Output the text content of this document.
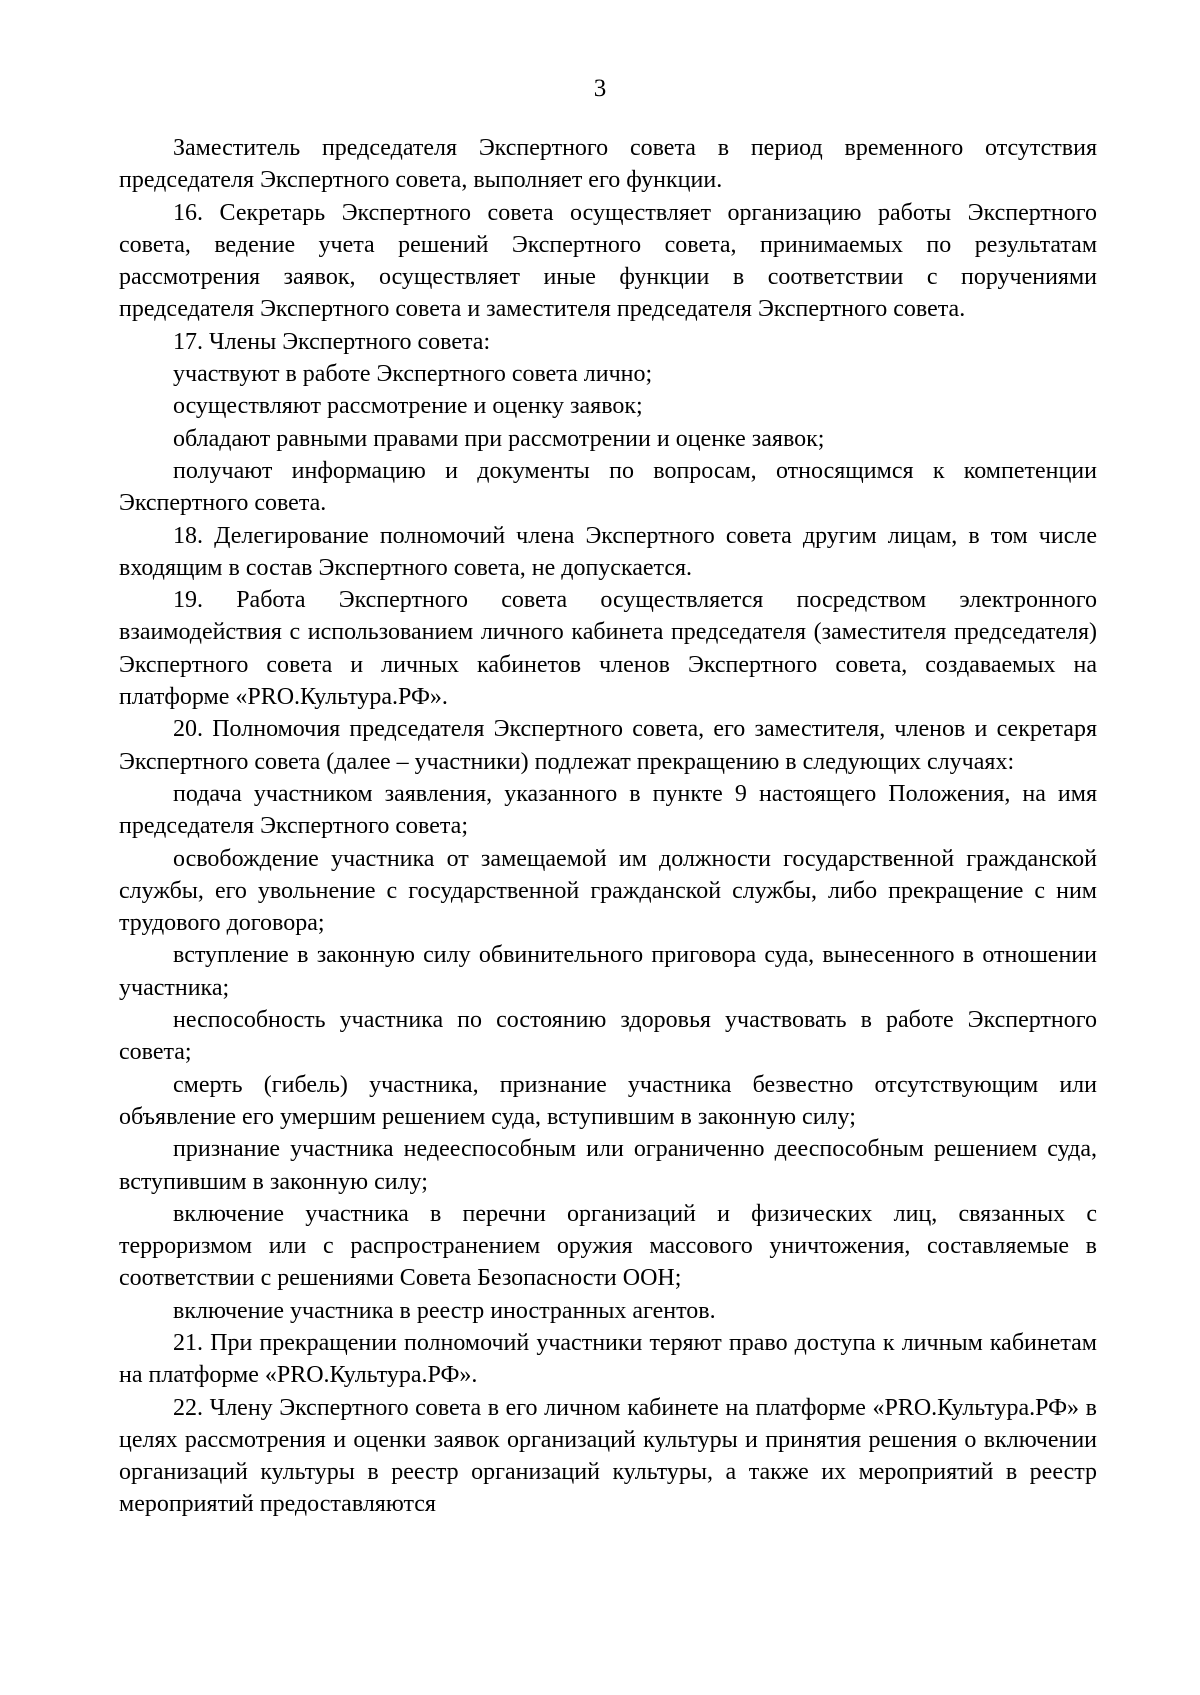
3

Заместитель председателя Экспертного совета в период временного отсутствия председателя Экспертного совета, выполняет его функции.

16. Секретарь Экспертного совета осуществляет организацию работы Экспертного совета, ведение учета решений Экспертного совета, принимаемых по результатам рассмотрения заявок, осуществляет иные функции в соответствии с поручениями председателя Экспертного совета и заместителя председателя Экспертного совета.

17. Члены Экспертного совета:

участвуют в работе Экспертного совета лично;

осуществляют рассмотрение и оценку заявок;

обладают равными правами при рассмотрении и оценке заявок;

получают информацию и документы по вопросам, относящимся к компетенции Экспертного совета.

18. Делегирование полномочий члена Экспертного совета другим лицам, в том числе входящим в состав Экспертного совета, не допускается.

19. Работа Экспертного совета осуществляется посредством электронного взаимодействия с использованием личного кабинета председателя (заместителя председателя) Экспертного совета и личных кабинетов членов Экспертного совета, создаваемых на платформе «PRO.Культура.РФ».

20. Полномочия председателя Экспертного совета, его заместителя, членов и секретаря Экспертного совета (далее – участники) подлежат прекращению в следующих случаях:

подача участником заявления, указанного в пункте 9 настоящего Положения, на имя председателя Экспертного совета;

освобождение участника от замещаемой им должности государственной гражданской службы, его увольнение с государственной гражданской службы, либо прекращение с ним трудового договора;

вступление в законную силу обвинительного приговора суда, вынесенного в отношении участника;

неспособность участника по состоянию здоровья участвовать в работе Экспертного совета;

смерть (гибель) участника, признание участника безвестно отсутствующим или объявление его умершим решением суда, вступившим в законную силу;

признание участника недееспособным или ограниченно дееспособным решением суда, вступившим в законную силу;

включение участника в перечни организаций и физических лиц, связанных с терроризмом или с распространением оружия массового уничтожения, составляемые в соответствии с решениями Совета Безопасности ООН;

включение участника в реестр иностранных агентов.

21. При прекращении полномочий участники теряют право доступа к личным кабинетам на платформе «PRO.Культура.РФ».

22. Члену Экспертного совета в его личном кабинете на платформе «PRO.Культура.РФ» в целях рассмотрения и оценки заявок организаций культуры и принятия решения о включении организаций культуры в реестр организаций культуры, а также их мероприятий в реестр мероприятий предоставляются
